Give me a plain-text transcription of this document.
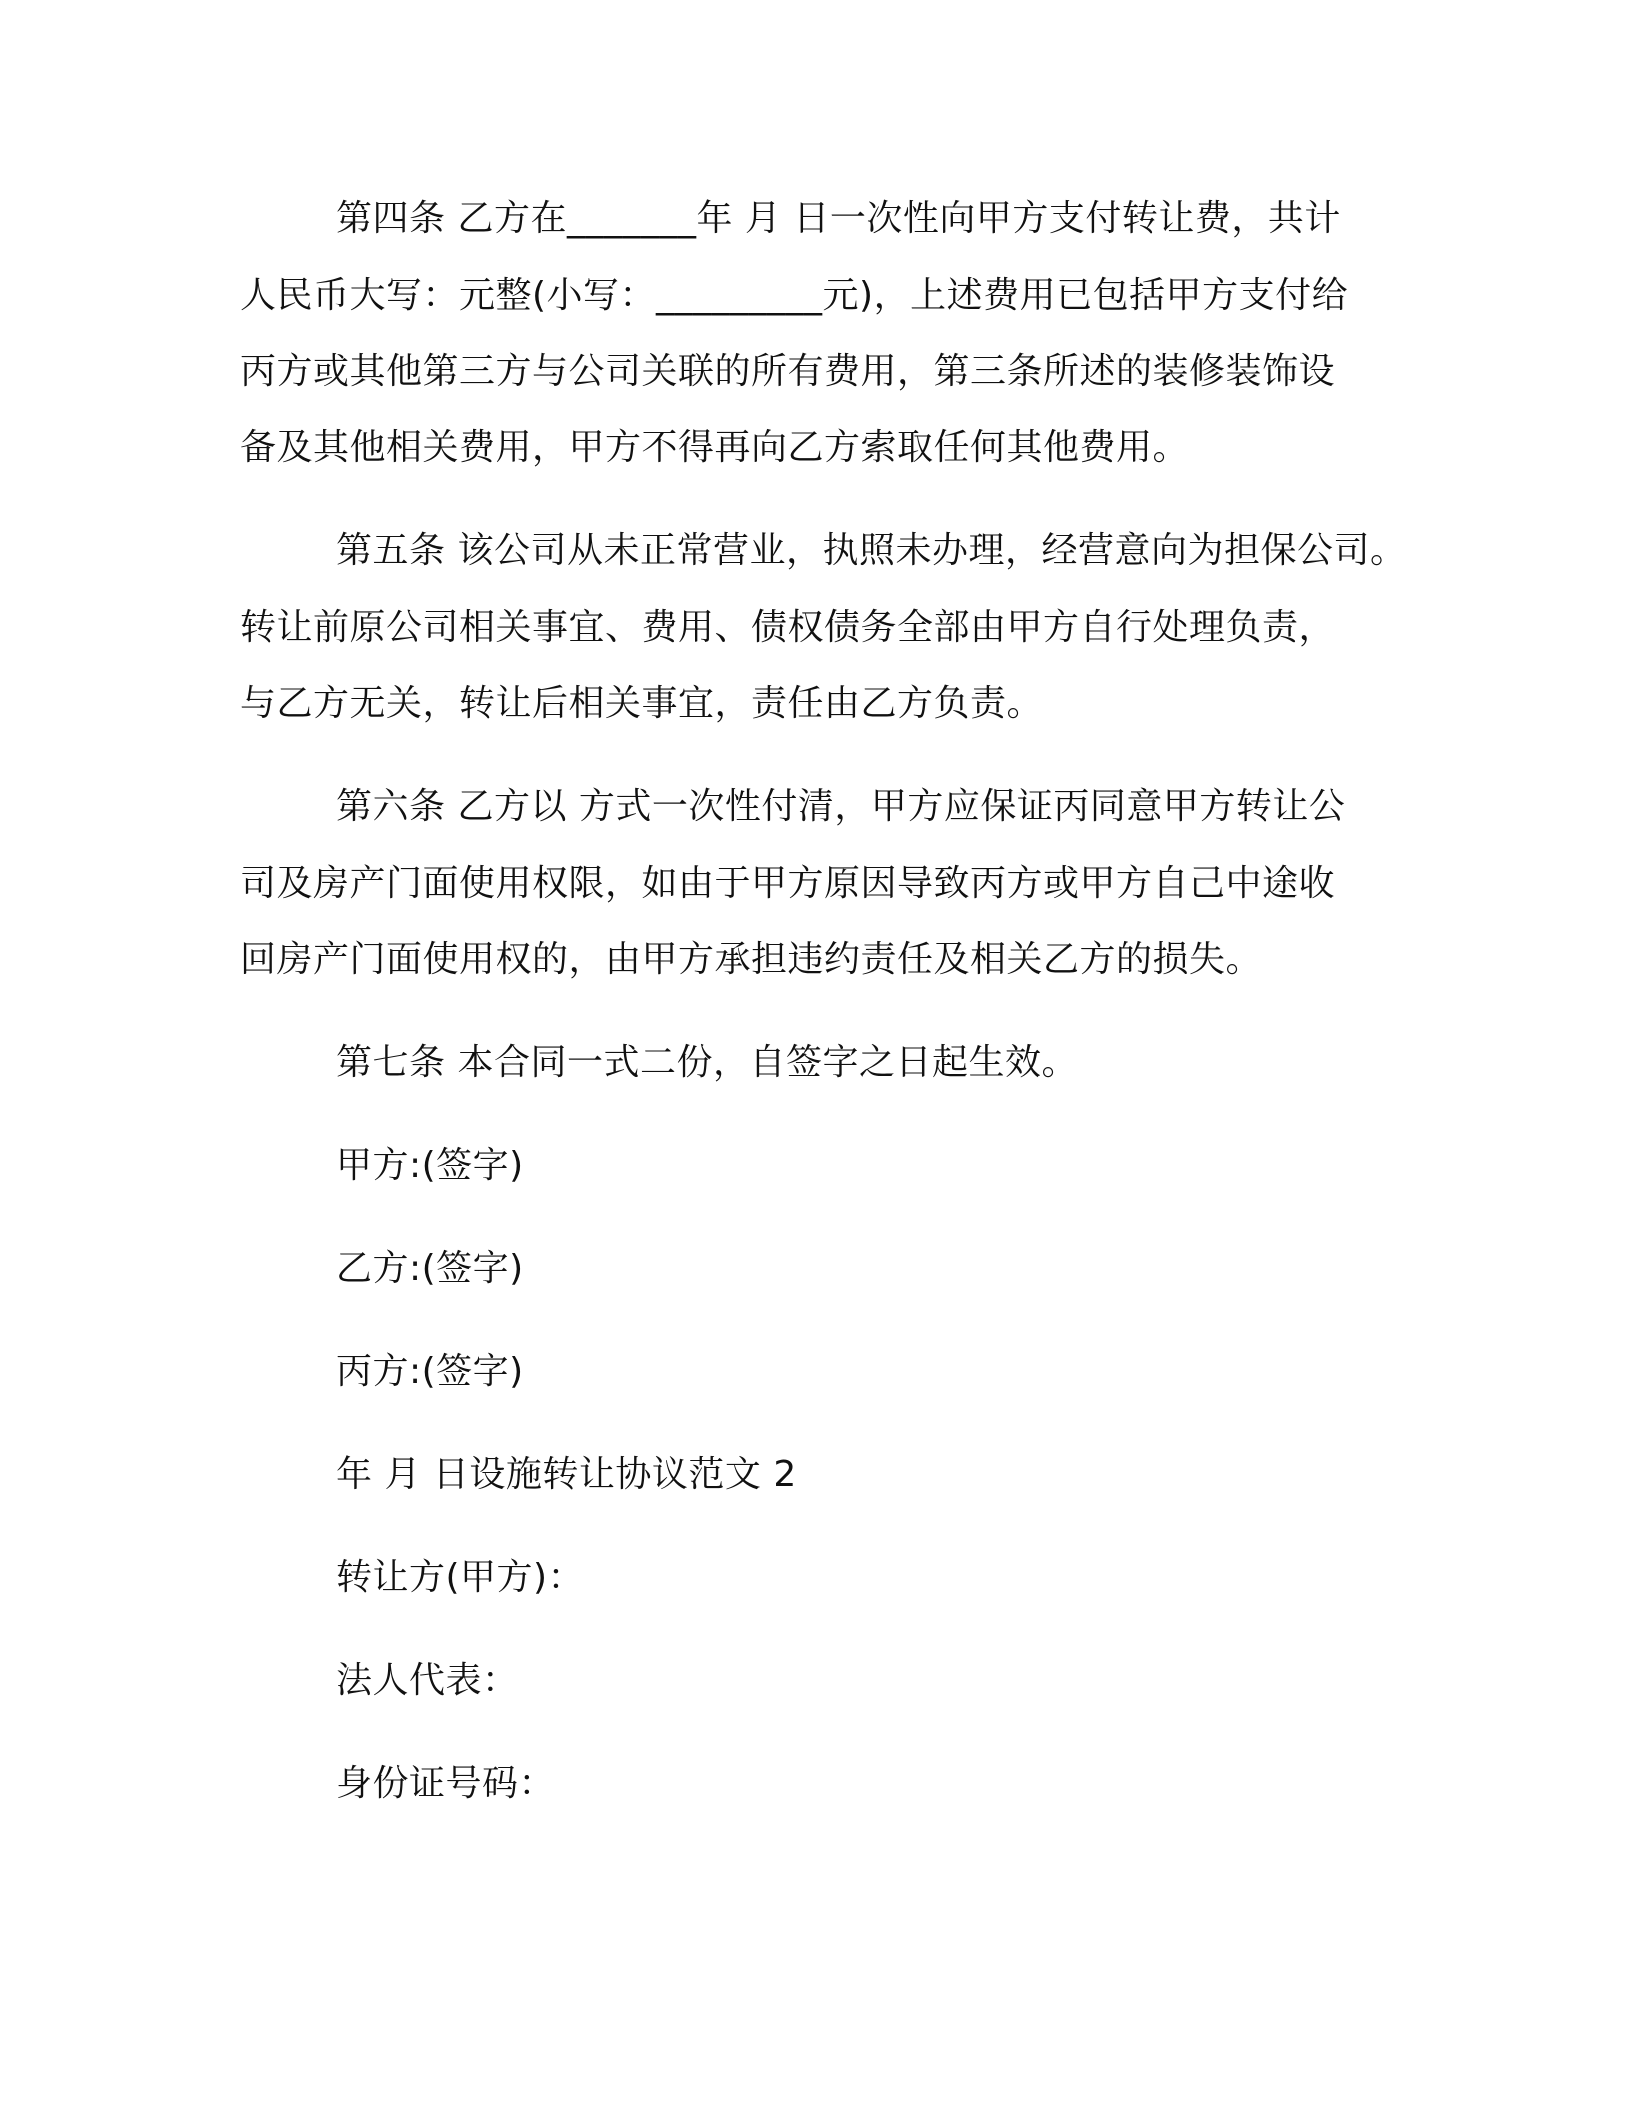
第四条 乙方在_______年 月 日一次性向甲方支付转让费，共计
人民币大写：元整(小写：_________元)，上述费用已包括甲方支付给
丙方或其他第三方与公司关联的所有费用，第三条所述的装修装饰设
备及其他相关费用，甲方不得再向乙方索取任何其他费用。
第五条 该公司从未正常营业，执照未办理，经营意向为担保公司。
转让前原公司相关事宜、费用、债权债务全部由甲方自行处理负责，
与乙方无关，转让后相关事宜，责任由乙方负责。
第六条 乙方以 方式一次性付清，甲方应保证丙同意甲方转让公
司及房产门面使用权限，如由于甲方原因导致丙方或甲方自己中途收
回房产门面使用权的，由甲方承担违约责任及相关乙方的损失。
第七条 本合同一式二份，自签字之日起生效。
甲方:(签字)
乙方:(签字)
丙方:(签字)
年 月 日设施转让协议范文 2
转让方(甲方)：
法人代表：
身份证号码：
